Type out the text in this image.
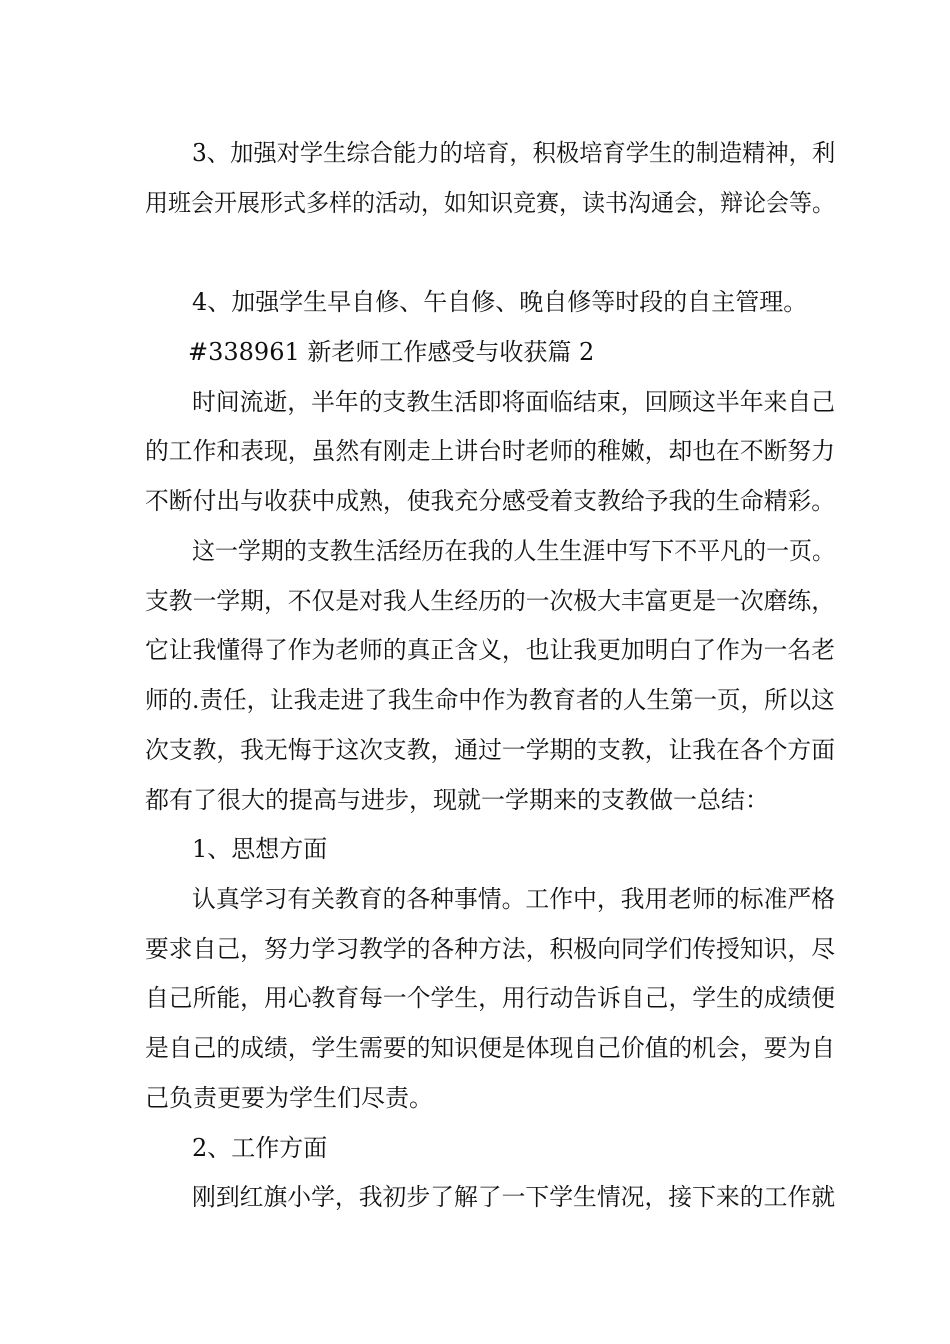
3、加强对学生综合能力的培育，积极培育学生的制造精神，利
用班会开展形式多样的活动，如知识竞赛，读书沟通会，辩论会等。
4、加强学生早自修、午自修、晚自修等时段的自主管理。
#338961 新老师工作感受与收获篇 2
时间流逝，半年的支教生活即将面临结束，回顾这半年来自己
的工作和表现，虽然有刚走上讲台时老师的稚嫩，却也在不断努力
不断付出与收获中成熟，使我充分感受着支教给予我的生命精彩。
这一学期的支教生活经历在我的人生生涯中写下不平凡的一页。
支教一学期，不仅是对我人生经历的一次极大丰富更是一次磨练，
它让我懂得了作为老师的真正含义，也让我更加明白了作为一名老
师的.责任，让我走进了我生命中作为教育者的人生第一页，所以这
次支教，我无悔于这次支教，通过一学期的支教，让我在各个方面
都有了很大的提高与进步，现就一学期来的支教做一总结：
1、思想方面
认真学习有关教育的各种事情。工作中，我用老师的标准严格
要求自己，努力学习教学的各种方法，积极向同学们传授知识，尽
自己所能，用心教育每一个学生，用行动告诉自己，学生的成绩便
是自己的成绩，学生需要的知识便是体现自己价值的机会，要为自
己负责更要为学生们尽责。
2、工作方面
刚到红旗小学，我初步了解了一下学生情况，接下来的工作就
